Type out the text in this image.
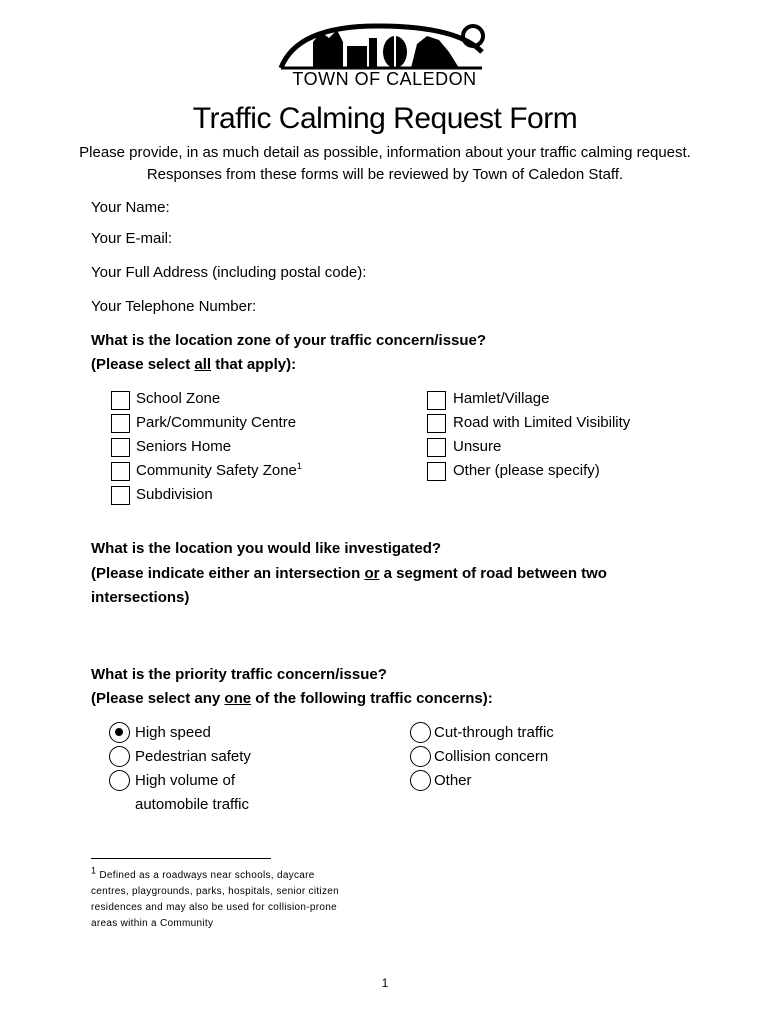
TOWN OF CALEDON
Traffic Calming Request Form
Please provide, in as much detail as possible, information about your traffic calming request.
Responses from these forms will be reviewed by Town of Caledon Staff.
Your Name:
Your E-mail:
Your Full Address (including postal code):
Your Telephone Number:
What is the location zone of your traffic concern/issue?
(Please select all that apply):
School Zone
Park/Community Centre
Seniors Home
Community Safety Zone$^1$
Subdivision
Hamlet/Village
Road with Limited Visibility
Unsure
Other (please specify)
What is the location you would like investigated?
(Please indicate either an intersection or a segment of road between two
intersections)
What is the priority traffic concern/issue?
(Please select any one of the following traffic concerns):
High speed
Pedestrian safety
High volume of
automobile traffic
Cut-through traffic
Collision concern
Other
$^1$ Defined as a roadways near schools, daycare
centres, playgrounds, parks, hospitals, senior citizen
residences and may also be used for collision-prone
areas within a Community
1
